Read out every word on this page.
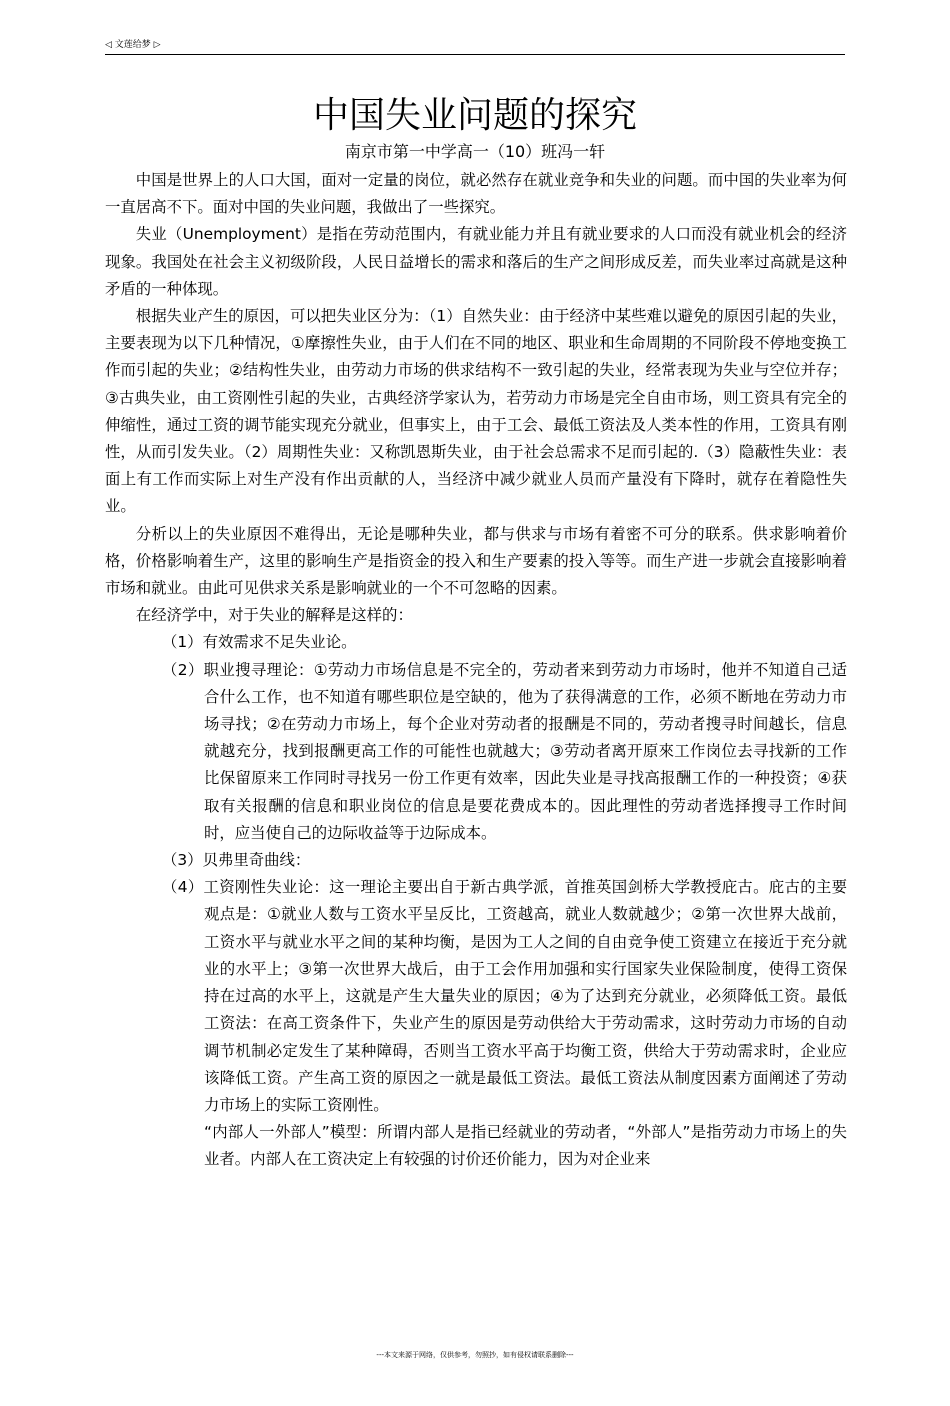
◁ 文莲给梦 ▷
中国失业问题的探究
南京市第一中学高一（10）班冯一轩

中国是世界上的人口大国，面对一定量的岗位，就必然存在就业竞争和失业的问题。而中国的失业率为何一直居高不下。面对中国的失业问题，我做出了一些探究。

失业（Unemployment）是指在劳动范围内，有就业能力并且有就业要求的人口而没有就业机会的经济现象。我国处在社会主义初级阶段，人民日益增长的需求和落后的生产之间形成反差，而失业率过高就是这种矛盾的一种体现。

根据失业产生的原因，可以把失业区分为：（1）自然失业：由于经济中某些难以避免的原因引起的失业，主要表现为以下几种情况，①摩擦性失业，由于人们在不同的地区、职业和生命周期的不同阶段不停地变换工作而引起的失业；②结构性失业，由劳动力市场的供求结构不一致引起的失业，经常表现为失业与空位并存；③古典失业，由工资刚性引起的失业，古典经济学家认为，若劳动力市场是完全自由市场，则工资具有完全的伸缩性，通过工资的调节能实现充分就业，但事实上，由于工会、最低工资法及人类本性的作用，工资具有刚性，从而引发失业。（2）周期性失业：又称凯恩斯失业，由于社会总需求不足而引起的.（3）隐蔽性失业：表面上有工作而实际上对生产没有作出贡献的人，当经济中减少就业人员而产量没有下降时，就存在着隐性失业。

分析以上的失业原因不难得出，无论是哪种失业，都与供求与市场有着密不可分的联系。供求影响着价格，价格影响着生产，这里的影响生产是指资金的投入和生产要素的投入等等。而生产进一步就会直接影响着市场和就业。由此可见供求关系是影响就业的一个不可忽略的因素。

在经济学中，对于失业的解释是这样的：

（1）有效需求不足失业论。
（2）职业搜寻理论：①劳动力市场信息是不完全的，劳动者来到劳动力市场时，他并不知道自己适合什么工作，也不知道有哪些职位是空缺的，他为了获得满意的工作，必须不断地在劳动力市场寻找；②在劳动力市场上，每个企业对劳动者的报酬是不同的，劳动者搜寻时间越长，信息就越充分，找到报酬更高工作的可能性也就越大；③劳动者离开原來工作岗位去寻找新的工作比保留原来工作同时寻找另一份工作更有效率，因此失业是寻找高报酬工作的一种投资；④获取有关报酬的信息和职业岗位的信息是要花费成本的。因此理性的劳动者选择搜寻工作时间时，应当使自己的边际收益等于边际成本。
（3）贝弗里奇曲线：
（4）工资刚性失业论：这一理论主要出自于新古典学派，首推英国剑桥大学教授庇古。庇古的主要观点是：①就业人数与工资水平呈反比，工资越高，就业人数就越少；②第一次世界大战前，工资水平与就业水平之间的某种均衡，是因为工人之间的自由竞争使工资建立在接近于充分就业的水平上；③第一次世界大战后，由于工会作用加强和实行国家失业保险制度，使得工资保持在过高的水平上，这就是产生大量失业的原因；④为了达到充分就业，必须降低工资。最低工资法：在高工资条件下，失业产生的原因是劳动供给大于劳动需求，这时劳动力市场的自动调节机制必定发生了某种障碍，否则当工资水平高于均衡工资，供给大于劳动需求时，企业应该降低工资。产生高工资的原因之一就是最低工资法。最低工资法从制度因素方面阐述了劳动力市场上的实际工资刚性。
“内部人一外部人”模型：所谓内部人是指已经就业的劳动者，“外部人”是指劳动力市场上的失业者。内部人在工资决定上有较强的讨价还价能力，因为对企业来
---本文来源于网络，仅供参考，勿照抄，如有侵权请联系删除---
